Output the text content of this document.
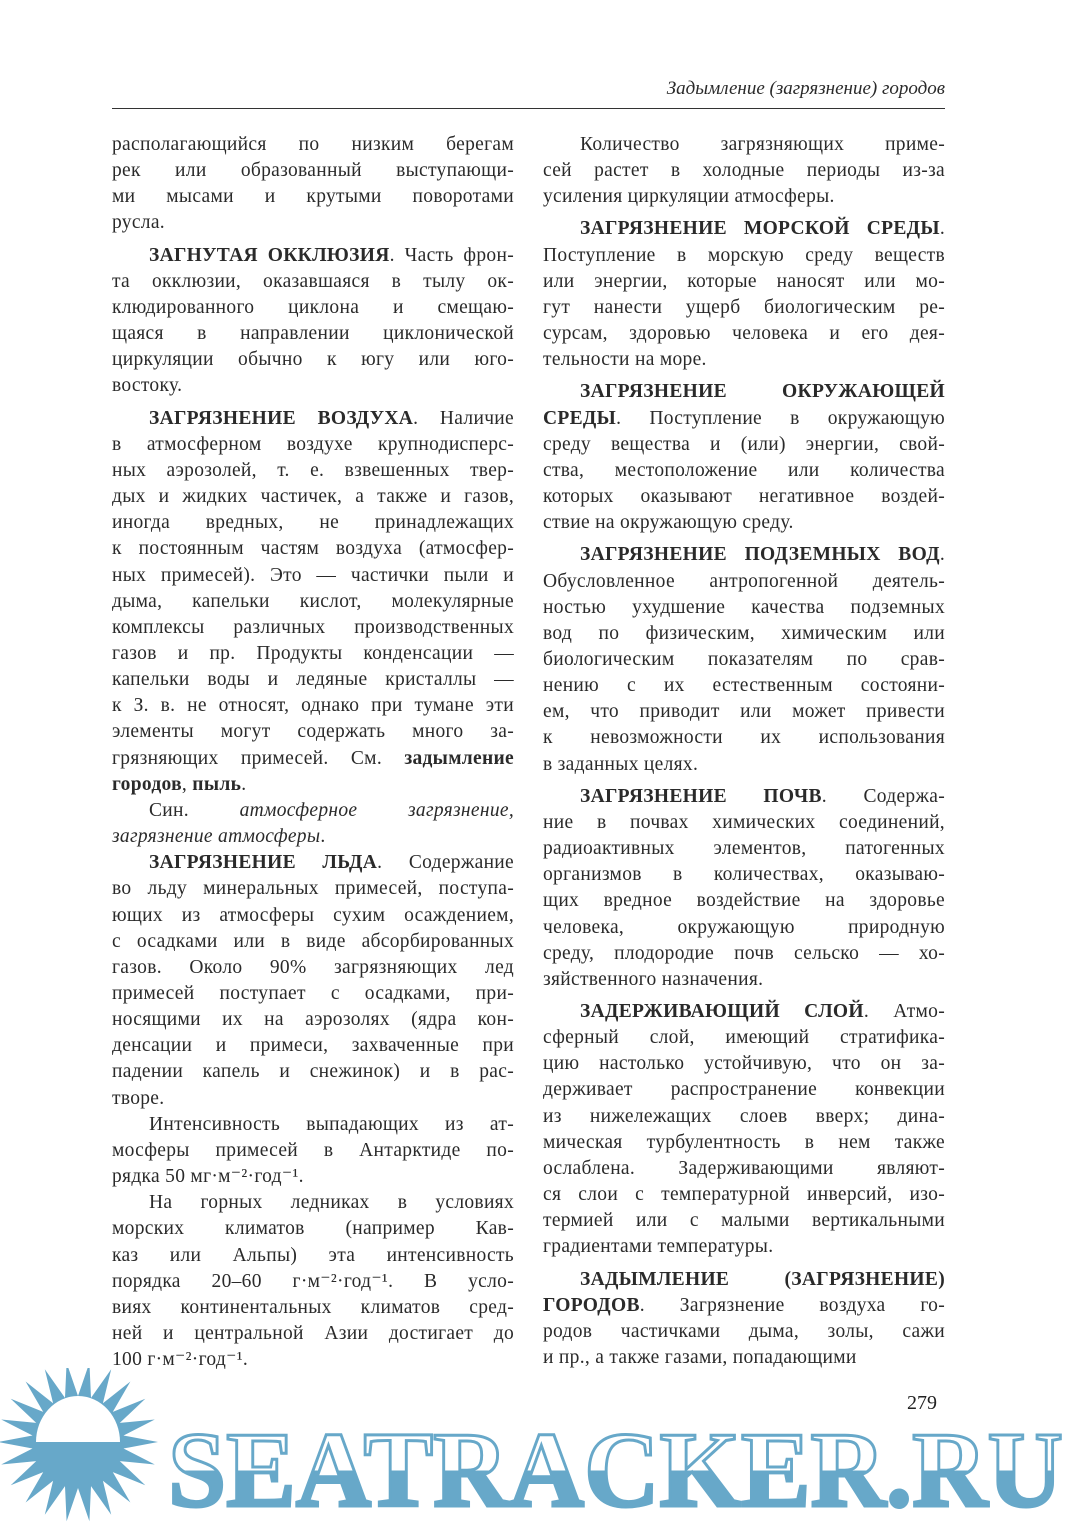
Задымление (загрязнение) городов
располагающийся по низким берегам
рек или образованный выступающи-
ми мысами и крутыми поворотами
русла.
ЗАГНУТАЯ ОККЛЮЗИЯ. Часть фрон-
та окклюзии, оказавшаяся в тылу ок-
клюдированного циклона и смещаю-
щаяся в направлении циклонической
циркуляции обычно к югу или юго-
востоку.
ЗАГРЯЗНЕНИЕ ВОЗДУХА. Наличие
в атмосферном воздухе крупнодисперс-
ных аэрозолей, т. е. взвешенных твер-
дых и жидких частичек, а также и газов,
иногда вредных, не принадлежащих
к постоянным частям воздуха (атмосфер-
ных примесей). Это — частички пыли и
дыма, капельки кислот, молекулярные
комплексы различных производственных
газов и пр. Продукты конденсации —
капельки воды и ледяные кристаллы —
к З. в. не относят, однако при тумане эти
элементы могут содержать много за-
грязняющих примесей. См. задымление
городов, пыль.
Син. атмосферное загрязнение,
загрязнение атмосферы.
ЗАГРЯЗНЕНИЕ ЛЬДА. Содержание
во льду минеральных примесей, поступа-
ющих из атмосферы сухим осаждением,
с осадками или в виде абсорбированных
газов. Около 90% загрязняющих лед
примесей поступает с осадками, при-
носящими их на аэрозолях (ядра кон-
денсации и примеси, захваченные при
падении капель и снежинок) и в рас-
творе.
Интенсивность выпадающих из ат-
мосферы примесей в Антарктиде по-
рядка 50 мг·м⁻²·год⁻¹.
На горных ледниках в условиях
морских климатов (например Кав-
каз или Альпы) эта интенсивность
порядка 20–60 г·м⁻²·год⁻¹. В усло-
виях континентальных климатов сред-
ней и центральной Азии достигает до
100 г·м⁻²·год⁻¹.
Количество загрязняющих приме-
сей растет в холодные периоды из-за
усиления циркуляции атмосферы.
ЗАГРЯЗНЕНИЕ МОРСКОЙ СРЕДЫ.
Поступление в морскую среду веществ
или энергии, которые наносят или мо-
гут нанести ущерб биологическим ре-
сурсам, здоровью человека и его дея-
тельности на море.
ЗАГРЯЗНЕНИЕ ОКРУЖАЮЩЕЙ
СРЕДЫ. Поступление в окружающую
среду вещества и (или) энергии, свой-
ства, местоположение или количества
которых оказывают негативное воздей-
ствие на окружающую среду.
ЗАГРЯЗНЕНИЕ ПОДЗЕМНЫХ ВОД.
Обусловленное антропогенной деятель-
ностью ухудшение качества подземных
вод по физическим, химическим или
биологическим показателям по срав-
нению с их естественным состояни-
ем, что приводит или может привести
к невозможности их использования
в заданных целях.
ЗАГРЯЗНЕНИЕ ПОЧВ. Содержа-
ние в почвах химических соединений,
радиоактивных элементов, патогенных
организмов в количествах, оказываю-
щих вредное воздействие на здоровье
человека, окружающую природную
среду, плодородие почв сельско — хо-
зяйственного назначения.
ЗАДЕРЖИВАЮЩИЙ СЛОЙ. Атмо-
сферный слой, имеющий стратифика-
цию настолько устойчивую, что он за-
держивает распространение конвекции
из нижележащих слоев вверх; дина-
мическая турбулентность в нем также
ослаблена. Задерживающими являют-
ся слои с температурной инверсий, изо-
термией или с малыми вертикальными
градиентами температуры.
ЗАДЫМЛЕНИЕ (ЗАГРЯЗНЕНИЕ)
ГОРОДОВ. Загрязнение воздуха го-
родов частичками дыма, золы, сажи
и пр., а также газами, попадающими
SEATRACKER.RU
279
